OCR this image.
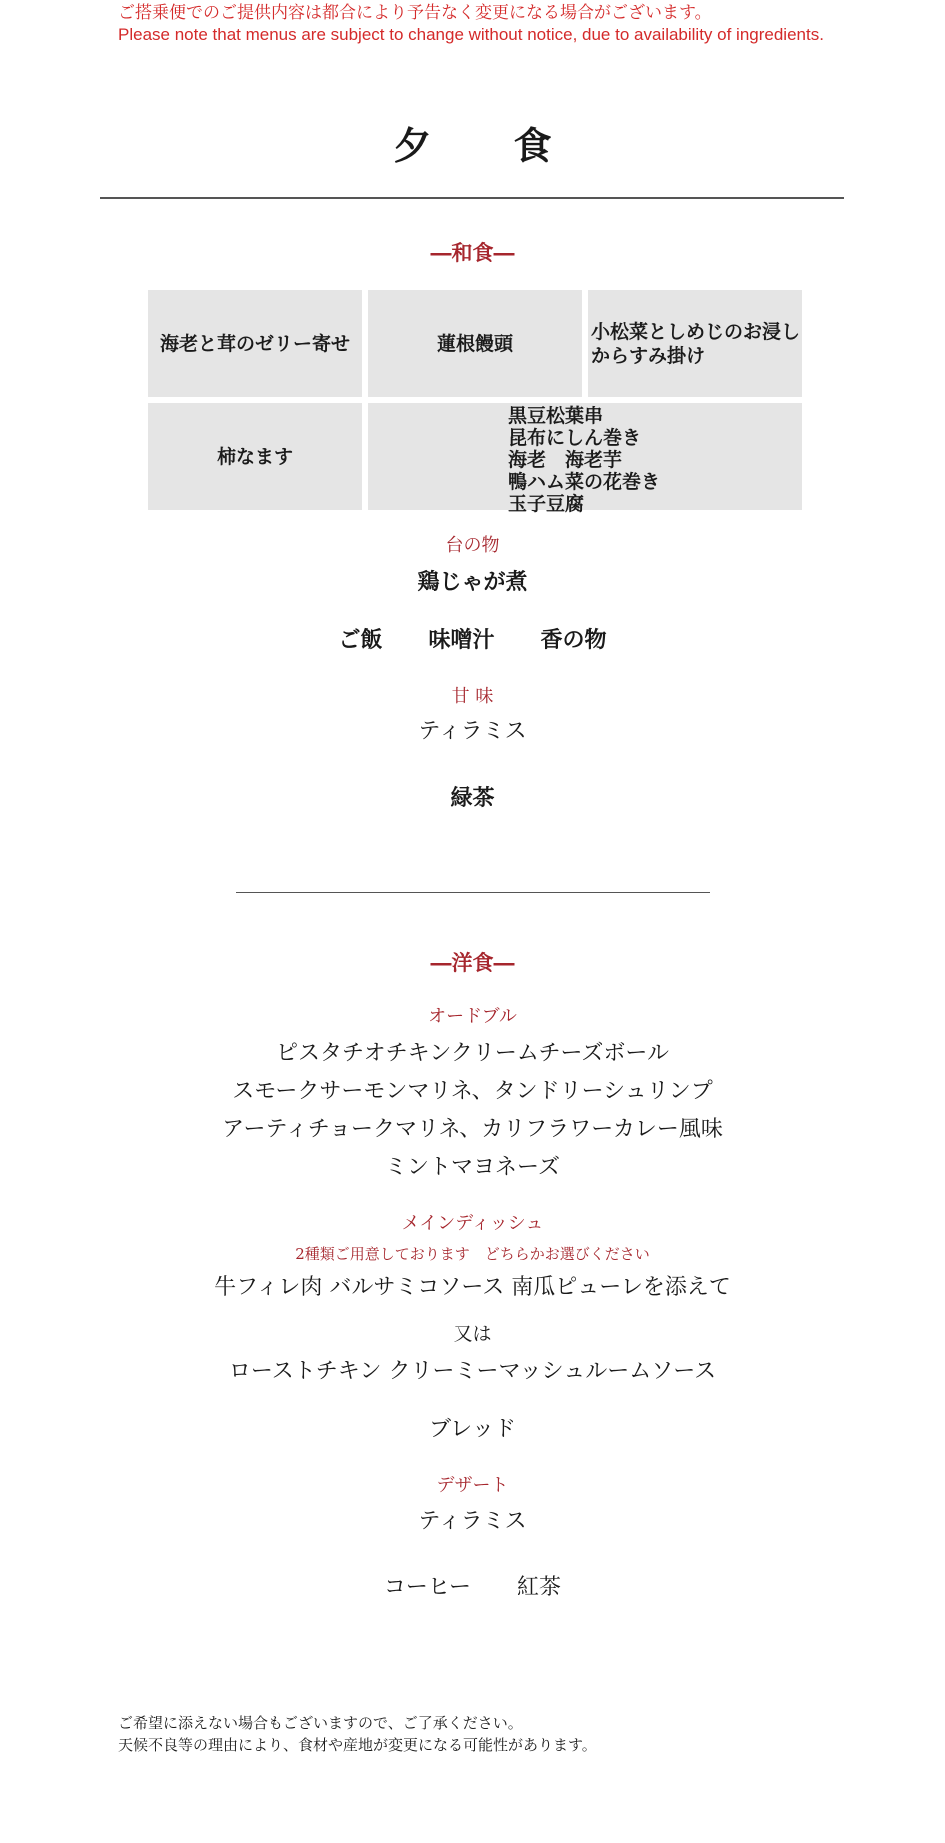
ご搭乗便でのご提供内容は都合により予告なく変更になる場合がございます。
Please note that menus are subject to change without notice, due to availability of ingredients.
夕　食
―和食―
海老と茸のゼリー寄せ	蓮根饅頭
小松菜としめじのお浸し
からすみ掛け
柿なます
黒豆松葉串
昆布にしん巻き
海老　海老芋
鴨ハム菜の花巻き
玉子豆腐
台の物
鶏じゃが煮
ご飯 味噌汁 香の物
甘 味
ティラミス
緑茶
―洋食―
オードブル
ピスタチオチキンクリームチーズボール
スモークサーモンマリネ、タンドリーシュリンプ
アーティチョークマリネ、カリフラワーカレー風味
ミントマヨネーズ
メインディッシュ
2種類ご用意しております　どちらかお選びください
牛フィレ肉 バルサミコソース 南瓜ピューレを添えて
又は
ローストチキン クリーミーマッシュルームソース
ブレッド
デザート
ティラミス
コーヒー 紅茶
ご希望に添えない場合もございますので、ご了承ください。
天候不良等の理由により、食材や産地が変更になる可能性があります。
